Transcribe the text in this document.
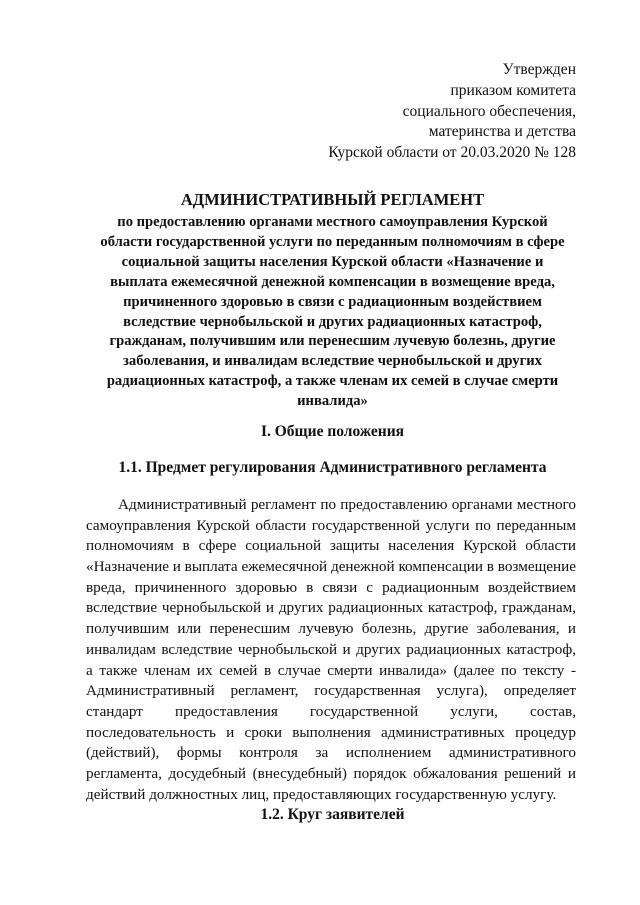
Утвержден
приказом комитета
социального обеспечения,
материнства и детства
Курской области от 20.03.2020 № 128
АДМИНИСТРАТИВНЫЙ РЕГЛАМЕНТ
по предоставлению органами местного самоуправления Курской
области государственной услуги по переданным полномочиям в сфере
социальной защиты населения Курской области «Назначение и
выплата ежемесячной денежной компенсации в возмещение вреда,
причиненного здоровью в связи с радиационным воздействием
вследствие чернобыльской и других радиационных катастроф,
гражданам, получившим или перенесшим лучевую болезнь, другие
заболевания, и инвалидам вследствие чернобыльской и других
радиационных катастроф, а также членам их семей в случае смерти
инвалида»
I. Общие положения
1.1. Предмет регулирования Административного регламента
Административный регламент по предоставлению органами местного
самоуправления Курской области государственной услуги по переданным
полномочиям в сфере социальной защиты населения Курской области
«Назначение и выплата ежемесячной денежной компенсации в возмещение
вреда, причиненного здоровью в связи с радиационным воздействием
вследствие чернобыльской и других радиационных катастроф, гражданам,
получившим или перенесшим лучевую болезнь, другие заболевания, и
инвалидам вследствие чернобыльской и других радиационных катастроф,
а также членам их семей в случае смерти инвалида» (далее по тексту -
Административный регламент, государственная услуга), определяет
стандарт предоставления государственной услуги, состав,
последовательность и сроки выполнения административных процедур
(действий), формы контроля за исполнением административного
регламента, досудебный (внесудебный) порядок обжалования решений и
действий должностных лиц, предоставляющих государственную услугу.
1.2. Круг заявителей
